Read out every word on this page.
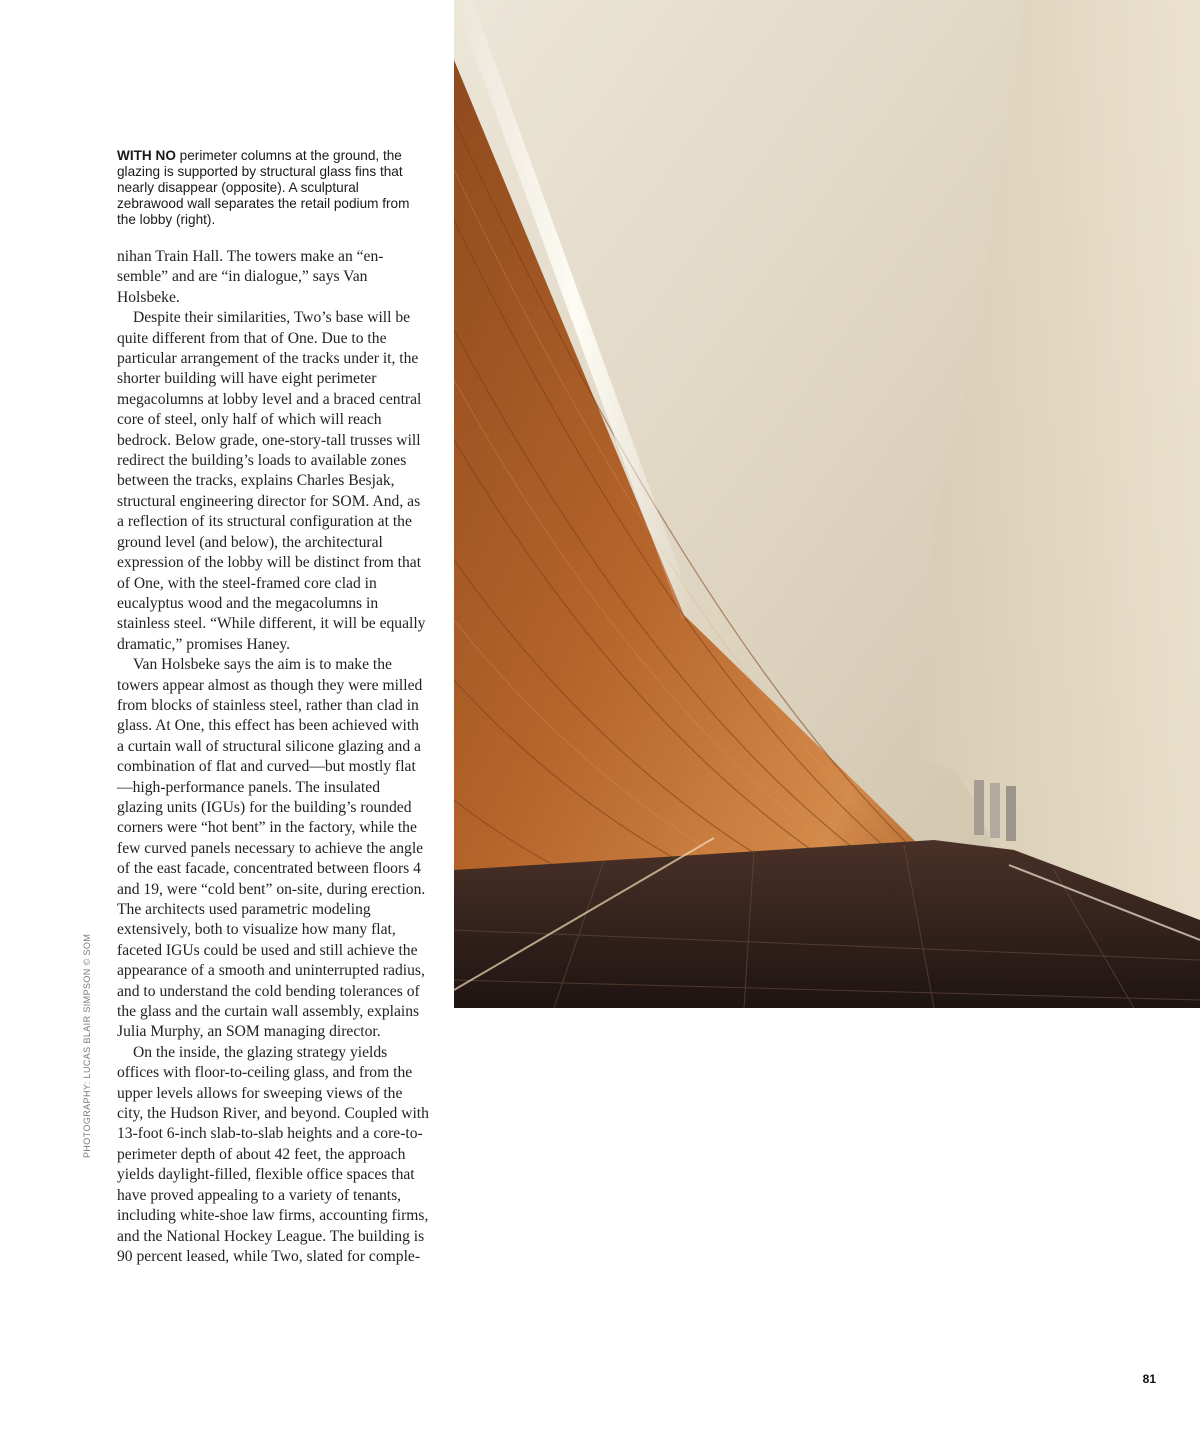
WITH NO perimeter columns at the ground, the glazing is supported by structural glass fins that nearly disappear (opposite). A sculptural zebrawood wall separates the retail podium from the lobby (right).

nihan Train Hall. The towers make an “en-semble” and are “in dialogue,” says Van Holsbeke.

Despite their similarities, Two’s base will be quite different from that of One. Due to the particular arrangement of the tracks under it, the shorter building will have eight perimeter megacolumns at lobby level and a braced central core of steel, only half of which will reach bedrock. Below grade, one-story-tall trusses will redirect the building’s loads to available zones between the tracks, explains Charles Besjak, structural engineering director for SOM. And, as a reflection of its structural configuration at the ground level (and below), the architectural expression of the lobby will be distinct from that of One, with the steel-framed core clad in eucalyptus wood and the megacolumns in stainless steel. “While different, it will be equally dramatic,” promises Haney.

Van Holsbeke says the aim is to make the towers appear almost as though they were milled from blocks of stainless steel, rather than clad in glass. At One, this effect has been achieved with a curtain wall of structural silicone glazing and a combination of flat and curved—but mostly flat—high-performance panels. The insulated glazing units (IGUs) for the building’s rounded corners were “hot bent” in the factory, while the few curved panels necessary to achieve the angle of the east facade, concentrated between floors 4 and 19, were “cold bent” on-site, during erection. The architects used parametric modeling extensively, both to visualize how many flat, faceted IGUs could be used and still achieve the appearance of a smooth and uninterrupted radius, and to understand the cold bending tolerances of the glass and the curtain wall assembly, explains Julia Murphy, an SOM managing director.

On the inside, the glazing strategy yields offices with floor-to-ceiling glass, and from the upper levels allows for sweeping views of the city, the Hudson River, and beyond. Coupled with 13-foot 6-inch slab-to-slab heights and a core-to-perimeter depth of about 42 feet, the approach yields daylight-filled, flexible office spaces that have proved appealing to a variety of tenants, including white-shoe law firms, accounting firms, and the National Hockey League. The building is 90 percent leased, while Two, slated for comple-

PHOTOGRAPHY: LUCAS BLAIR SIMPSON © SOM
81
